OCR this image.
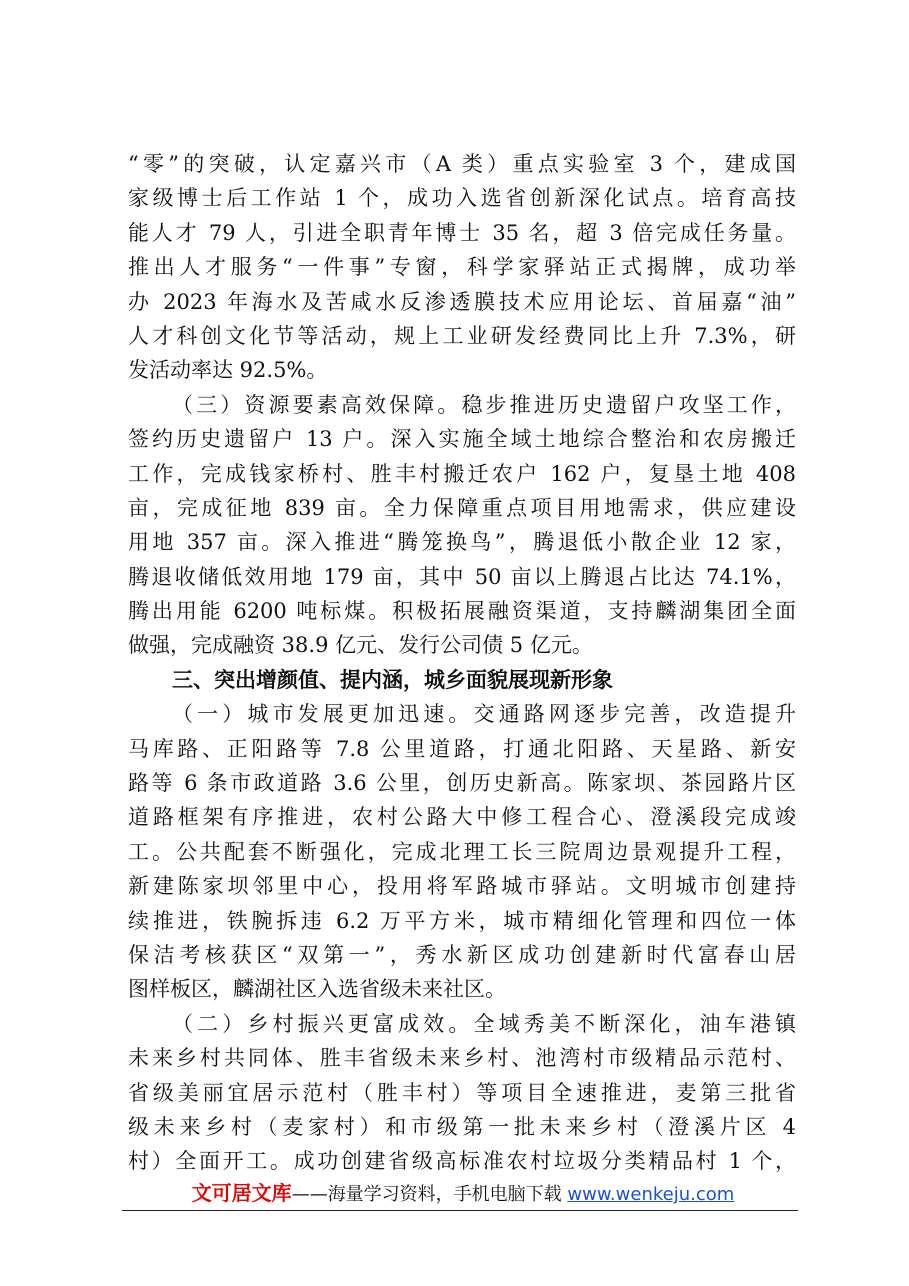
“零”的突破，认定嘉兴市（A 类）重点实验室 3 个，建成国
家级博士后工作站 1 个，成功入选省创新深化试点。培育高技
能人才 79 人，引进全职青年博士 35 名，超 3 倍完成任务量。
推出人才服务“一件事”专窗，科学家驿站正式揭牌，成功举
办 2023 年海水及苦咸水反渗透膜技术应用论坛、首届嘉“油”
人才科创文化节等活动，规上工业研发经费同比上升 7.3%，研
发活动率达 92.5%。
（三）资源要素高效保障。稳步推进历史遗留户攻坚工作，
签约历史遗留户 13 户。深入实施全域土地综合整治和农房搬迁
工作，完成钱家桥村、胜丰村搬迁农户 162 户，复垦土地 408
亩，完成征地 839 亩。全力保障重点项目用地需求，供应建设
用地 357 亩。深入推进“腾笼换鸟”，腾退低小散企业 12 家，
腾退收储低效用地 179 亩，其中 50 亩以上腾退占比达 74.1%，
腾出用能 6200 吨标煤。积极拓展融资渠道，支持麟湖集团全面
做强，完成融资 38.9 亿元、发行公司债 5 亿元。
三、突出增颜值、提内涵，城乡面貌展现新形象
（一）城市发展更加迅速。交通路网逐步完善，改造提升
马库路、正阳路等 7.8 公里道路，打通北阳路、天星路、新安
路等 6 条市政道路 3.6 公里，创历史新高。陈家坝、茶园路片区
道路框架有序推进，农村公路大中修工程合心、澄溪段完成竣
工。公共配套不断强化，完成北理工长三院周边景观提升工程，
新建陈家坝邻里中心，投用将军路城市驿站。文明城市创建持
续推进，铁腕拆违 6.2 万平方米，城市精细化管理和四位一体
保洁考核获区“双第一”，秀水新区成功创建新时代富春山居
图样板区，麟湖社区入选省级未来社区。
（二）乡村振兴更富成效。全域秀美不断深化，油车港镇
未来乡村共同体、胜丰省级未来乡村、池湾村市级精品示范村、
省级美丽宜居示范村（胜丰村）等项目全速推进，麦第三批省
级未来乡村（麦家村）和市级第一批未来乡村（澄溪片区 4
村）全面开工。成功创建省级高标准农村垃圾分类精品村 1 个，
文可居文库——海量学习资料，手机电脑下载 www.wenkeju.com
